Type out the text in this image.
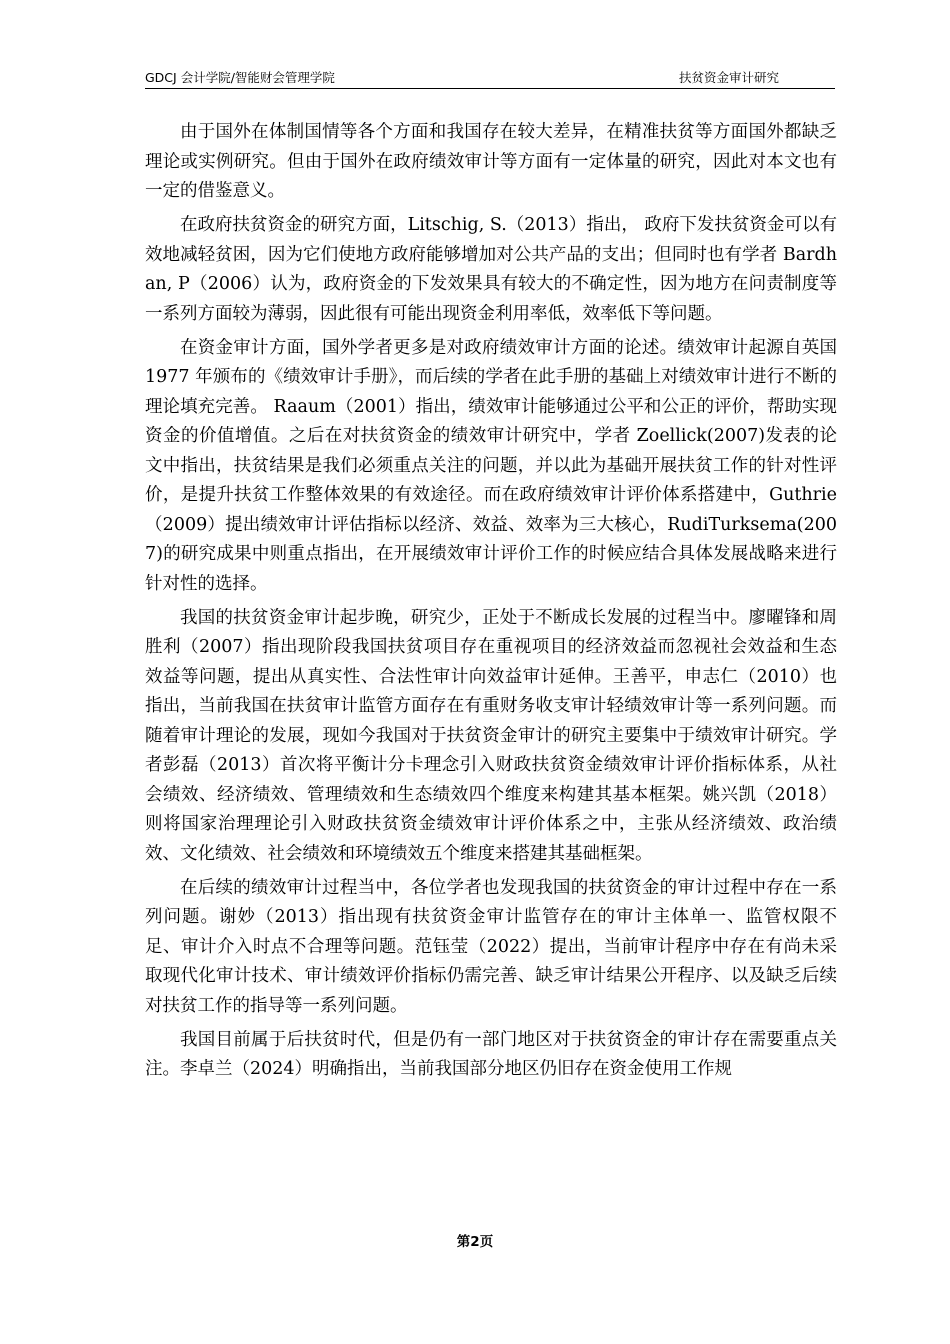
GDCJ 会计学院/智能财会管理学院	扶贫资金审计研究

由于国外在体制国情等各个方面和我国存在较大差异，在精准扶贫等方面国外都缺乏理论或实例研究。但由于国外在政府绩效审计等方面有一定体量的研究，因此对本文也有一定的借鉴意义。

在政府扶贫资金的研究方面，Litschig, S.（2013）指出， 政府下发扶贫资金可以有效地减轻贫困，因为它们使地方政府能够增加对公共产品的支出；但同时也有学者 Bardhan, P（2006）认为，政府资金的下发效果具有较大的不确定性，因为地方在问责制度等一系列方面较为薄弱，因此很有可能出现资金利用率低，效率低下等问题。

在资金审计方面，国外学者更多是对政府绩效审计方面的论述。绩效审计起源自英国 1977 年颁布的《绩效审计手册》，而后续的学者在此手册的基础上对绩效审计进行不断的理论填充完善。 Raaum（2001）指出，绩效审计能够通过公平和公正的评价，帮助实现资金的价值增值。之后在对扶贫资金的绩效审计研究中，学者 Zoellick(2007)发表的论文中指出，扶贫结果是我们必须重点关注的问题，并以此为基础开展扶贫工作的针对性评价，是提升扶贫工作整体效果的有效途径。而在政府绩效审计评价体系搭建中，Guthrie（2009）提出绩效审计评估指标以经济、效益、效率为三大核心，RudiTurksema(2007)的研究成果中则重点指出，在开展绩效审计评价工作的时候应结合具体发展战略来进行针对性的选择。

我国的扶贫资金审计起步晚，研究少，正处于不断成长发展的过程当中。廖曜锋和周胜利（2007）指出现阶段我国扶贫项目存在重视项目的经济效益而忽视社会效益和生态效益等问题，提出从真实性、合法性审计向效益审计延伸。王善平，申志仁（2010）也指出，当前我国在扶贫审计监管方面存在有重财务收支审计轻绩效审计等一系列问题。而随着审计理论的发展，现如今我国对于扶贫资金审计的研究主要集中于绩效审计研究。学者彭磊（2013）首次将平衡计分卡理念引入财政扶贫资金绩效审计评价指标体系，从社会绩效、经济绩效、管理绩效和生态绩效四个维度来构建其基本框架。姚兴凯（2018）则将国家治理理论引入财政扶贫资金绩效审计评价体系之中，主张从经济绩效、政治绩效、文化绩效、社会绩效和环境绩效五个维度来搭建其基础框架。

在后续的绩效审计过程当中，各位学者也发现我国的扶贫资金的审计过程中存在一系列问题。谢妙（2013）指出现有扶贫资金审计监管存在的审计主体单一、监管权限不足、审计介入时点不合理等问题。范钰莹（2022）提出，当前审计程序中存在有尚未采取现代化审计技术、审计绩效评价指标仍需完善、缺乏审计结果公开程序、以及缺乏后续对扶贫工作的指导等一系列问题。

我国目前属于后扶贫时代，但是仍有一部门地区对于扶贫资金的审计存在需要重点关注。李卓兰（2024）明确指出，当前我国部分地区仍旧存在资金使用工作规

第2页
